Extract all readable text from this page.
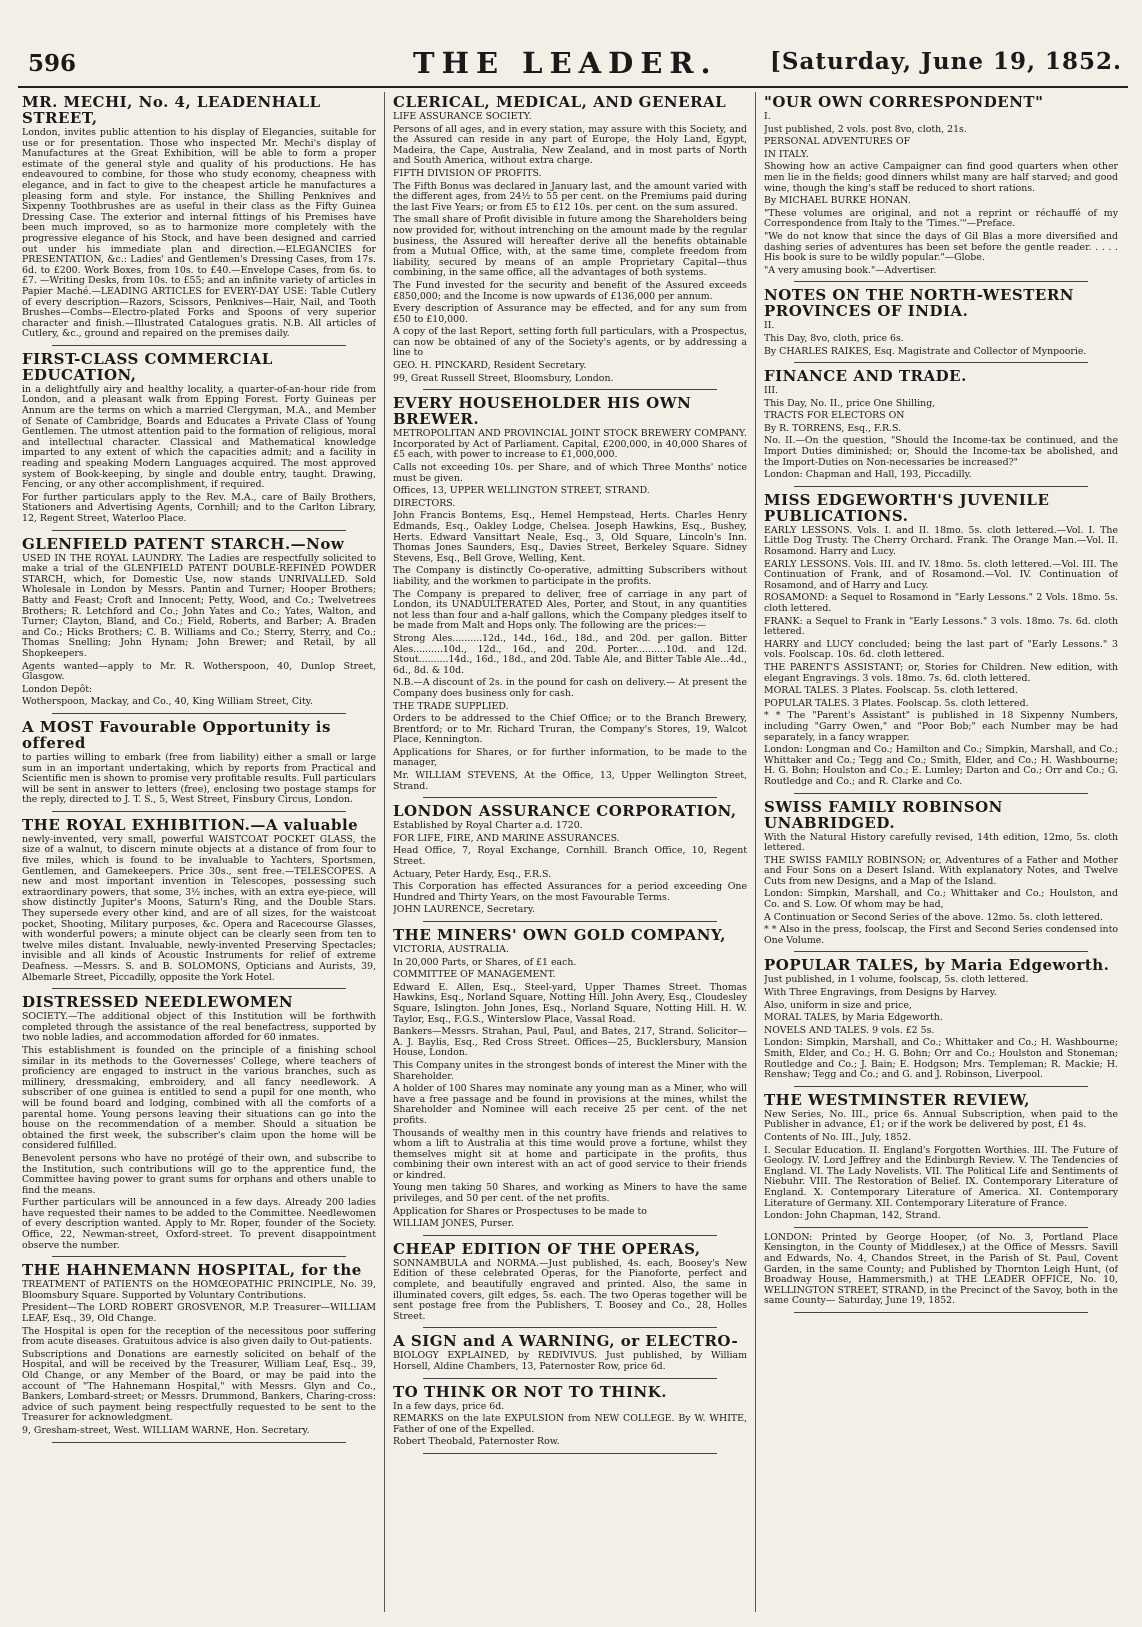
596	THE LEADER. [Saturday, June 19, 1852.
MR. MECHI, No. 4, LEADENHALL STREET,

London, invites public attention to his display of Elegancies, suitable for use or for presentation. Those who inspected Mr. Mechi's display of Manufactures at the Great Exhibition, will be able to form a proper estimate of the general style and quality of his productions. He has endeavoured to combine, for those who study economy, cheapness with elegance, and in fact to give to the cheapest article he manufactures a pleasing form and style. For instance, the Shilling Penknives and Sixpenny Toothbrushes are as useful in their class as the Fifty Guinea Dressing Case. The exterior and internal fittings of his Premises have been much improved, so as to harmonize more completely with the progressive elegance of his Stock, and have been designed and carried out under his immediate plan and direction.—ELEGANCIES for PRESENTATION, &c.: Ladies' and Gentlemen's Dressing Cases, from 17s. 6d. to £200. Work Boxes, from 10s. to £40.—Envelope Cases, from 6s. to £7. —Writing Desks, from 10s. to £55; and an infinite variety of articles in Papier Maché.—LEADING ARTICLES for EVERY-DAY USE: Table Cutlery of every description—Razors, Scissors, Penknives—Hair, Nail, and Tooth Brushes—Combs—Electro-plated Forks and Spoons of very superior character and finish.—Illustrated Catalogues gratis. N.B. All articles of Cutlery, &c., ground and repaired on the premises daily.

FIRST-CLASS COMMERCIAL EDUCATION,

in a delightfully airy and healthy locality, a quarter-of-an-hour ride from London, and a pleasant walk from Epping Forest. Forty Guineas per Annum are the terms on which a married Clergyman, M.A., and Member of Senate of Cambridge, Boards and Educates a Private Class of Young Gentlemen. The utmost attention paid to the formation of religious, moral and intellectual character. Classical and Mathematical knowledge imparted to any extent of which the capacities admit; and a facility in reading and speaking Modern Languages acquired. The most approved system of Book-keeping, by single and double entry, taught. Drawing, Fencing, or any other accomplishment, if required.

For further particulars apply to the Rev. M.A., care of Baily Brothers, Stationers and Advertising Agents, Cornhill; and to the Carlton Library, 12, Regent Street, Waterloo Place.

GLENFIELD PATENT STARCH.—Now

USED IN THE ROYAL LAUNDRY. The Ladies are respectfully solicited to make a trial of the GLENFIELD PATENT DOUBLE-REFINED POWDER STARCH, which, for Domestic Use, now stands UNRIVALLED. Sold Wholesale in London by Messrs. Pantin and Turner; Hooper Brothers; Batty and Feast; Croft and Innocent; Petty, Wood, and Co.; Twelvetrees Brothers; R. Letchford and Co.; John Yates and Co.; Yates, Walton, and Turner; Clayton, Bland, and Co.; Field, Roberts, and Barber; A. Braden and Co.; Hicks Brothers; C. B. Williams and Co.; Sterry, Sterry, and Co.; Thomas Snelling; John Hynam; John Brewer; and Retail, by all Shopkeepers.

Agents wanted—apply to Mr. R. Wotherspoon, 40, Dunlop Street, Glasgow.

London Depôt:

Wotherspoon, Mackay, and Co., 40, King William Street, City.

A MOST Favourable Opportunity is offered

to parties willing to embark (free from liability) either a small or large sum in an important undertaking, which by reports from Practical and Scientific men is shown to promise very profitable results. Full particulars will be sent in answer to letters (free), enclosing two postage stamps for the reply, directed to J. T. S., 5, West Street, Finsbury Circus, London.

THE ROYAL EXHIBITION.—A valuable

newly-invented, very small, powerful WAISTCOAT POCKET GLASS, the size of a walnut, to discern minute objects at a distance of from four to five miles, which is found to be invaluable to Yachters, Sportsmen, Gentlemen, and Gamekeepers. Price 30s., sent free.—TELESCOPES. A new and most important invention in Telescopes, possessing such extraordinary powers, that some, 3½ inches, with an extra eye-piece, will show distinctly Jupiter's Moons, Saturn's Ring, and the Double Stars. They supersede every other kind, and are of all sizes, for the waistcoat pocket, Shooting, Military purposes, &c. Opera and Racecourse Glasses, with wonderful powers; a minute object can be clearly seen from ten to twelve miles distant. Invaluable, newly-invented Preserving Spectacles; invisible and all kinds of Acoustic Instruments for relief of extreme Deafness. —Messrs. S. and B. SOLOMONS, Opticians and Aurists, 39, Albemarle Street, Piccadilly, opposite the York Hotel.

DISTRESSED NEEDLEWOMEN

SOCIETY.—The additional object of this Institution will be forthwith completed through the assistance of the real benefactress, supported by two noble ladies, and accommodation afforded for 60 inmates.

This establishment is founded on the principle of a finishing school similar in its methods to the Governesses' College, where teachers of proficiency are engaged to instruct in the various branches, such as millinery, dressmaking, embroidery, and all fancy needlework. A subscriber of one guinea is entitled to send a pupil for one month, who will be found board and lodging, combined with all the comforts of a parental home. Young persons leaving their situations can go into the house on the recommendation of a member. Should a situation be obtained the first week, the subscriber's claim upon the home will be considered fulfilled.

Benevolent persons who have no protégé of their own, and subscribe to the Institution, such contributions will go to the apprentice fund, the Committee having power to grant sums for orphans and others unable to find the means.

Further particulars will be announced in a few days. Already 200 ladies have requested their names to be added to the Committee. Needlewomen of every description wanted. Apply to Mr. Roper, founder of the Society. Office, 22, Newman-street, Oxford-street. To prevent disappointment observe the number.

THE HAHNEMANN HOSPITAL, for the

TREATMENT of PATIENTS on the HOMŒOPATHIC PRINCIPLE, No. 39, Bloomsbury Square. Supported by Voluntary Contributions.

President—The LORD ROBERT GROSVENOR, M.P. Treasurer—WILLIAM LEAF, Esq., 39, Old Change.

The Hospital is open for the reception of the necessitous poor suffering from acute diseases. Gratuitous advice is also given daily to Out-patients.

Subscriptions and Donations are earnestly solicited on behalf of the Hospital, and will be received by the Treasurer, William Leaf, Esq., 39, Old Change, or any Member of the Board, or may be paid into the account of "The Hahnemann Hospital," with Messrs. Glyn and Co., Bankers, Lombard-street; or Messrs. Drummond, Bankers, Charing-cross: advice of such payment being respectfully requested to be sent to the Treasurer for acknowledgment.

9, Gresham-street, West. WILLIAM WARNE, Hon. Secretary.

CLERICAL, MEDICAL, AND GENERAL

LIFE ASSURANCE SOCIETY.

Persons of all ages, and in every station, may assure with this Society, and the Assured can reside in any part of Europe, the Holy Land, Egypt, Madeira, the Cape, Australia, New Zealand, and in most parts of North and South America, without extra charge.

FIFTH DIVISION OF PROFITS.

The Fifth Bonus was declared in January last, and the amount varied with the different ages, from 24½ to 55 per cent. on the Premiums paid during the last Five Years; or from £5 to £12 10s. per cent. on the sum assured.

The small share of Profit divisible in future among the Shareholders being now provided for, without intrenching on the amount made by the regular business, the Assured will hereafter derive all the benefits obtainable from a Mutual Office, with, at the same time, complete freedom from liability, secured by means of an ample Proprietary Capital—thus combining, in the same office, all the advantages of both systems.

The Fund invested for the security and benefit of the Assured exceeds £850,000; and the Income is now upwards of £136,000 per annum.

Every description of Assurance may be effected, and for any sum from £50 to £10,000.

A copy of the last Report, setting forth full particulars, with a Prospectus, can now be obtained of any of the Society's agents, or by addressing a line to

GEO. H. PINCKARD, Resident Secretary.

99, Great Russell Street, Bloomsbury, London.

EVERY HOUSEHOLDER HIS OWN BREWER.

METROPOLITAN AND PROVINCIAL JOINT STOCK BREWERY COMPANY. Incorporated by Act of Parliament. Capital, £200,000, in 40,000 Shares of £5 each, with power to increase to £1,000,000.

Calls not exceeding 10s. per Share, and of which Three Months' notice must be given.

Offices, 13, UPPER WELLINGTON STREET, STRAND.

DIRECTORS.

John Francis Bontems, Esq., Hemel Hempstead, Herts. Charles Henry Edmands, Esq., Oakley Lodge, Chelsea. Joseph Hawkins, Esq., Bushey, Herts. Edward Vansittart Neale, Esq., 3, Old Square, Lincoln's Inn. Thomas Jones Saunders, Esq., Davies Street, Berkeley Square. Sidney Stevens, Esq., Bell Grove, Welling, Kent.

The Company is distinctly Co-operative, admitting Subscribers without liability, and the workmen to participate in the profits.

The Company is prepared to deliver, free of carriage in any part of London, its UNADULTERATED Ales, Porter, and Stout, in any quantities not less than four and a-half gallons, which the Company pledges itself to be made from Malt and Hops only. The following are the prices:—

Strong Ales..........12d., 14d., 16d., 18d., and 20d. per gallon. Bitter Ales..........10d., 12d., 16d., and 20d. Porter..........10d. and 12d. Stout..........14d., 16d., 18d., and 20d. Table Ale, and Bitter Table Ale...4d., 6d., 8d. & 10d.

N.B.—A discount of 2s. in the pound for cash on delivery.— At present the Company does business only for cash.

THE TRADE SUPPLIED.

Orders to be addressed to the Chief Office; or to the Branch Brewery, Brentford; or to Mr. Richard Truran, the Company's Stores, 19, Walcot Place, Kennington.

Applications for Shares, or for further information, to be made to the manager,

Mr. WILLIAM STEVENS, At the Office, 13, Upper Wellington Street, Strand.

LONDON ASSURANCE CORPORATION,

Established by Royal Charter a.d. 1720.

FOR LIFE, FIRE, AND MARINE ASSURANCES.

Head Office, 7, Royal Exchange, Cornhill. Branch Office, 10, Regent Street.

Actuary, Peter Hardy, Esq., F.R.S.

This Corporation has effected Assurances for a period exceeding One Hundred and Thirty Years, on the most Favourable Terms.

JOHN LAURENCE, Secretary.

THE MINERS' OWN GOLD COMPANY,

VICTORIA, AUSTRALIA.

In 20,000 Parts, or Shares, of £1 each.

COMMITTEE OF MANAGEMENT.

Edward E. Allen, Esq., Steel-yard, Upper Thames Street. Thomas Hawkins, Esq., Norland Square, Notting Hill. John Avery, Esq., Cloudesley Square, Islington. John Jones, Esq., Norland Square, Notting Hill. H. W. Taylor, Esq., F.G.S., Winterslow Place, Vassal Road.

Bankers—Messrs. Strahan, Paul, Paul, and Bates, 217, Strand. Solicitor—A. J. Baylis, Esq., Red Cross Street. Offices—25, Bucklersbury, Mansion House, London.

This Company unites in the strongest bonds of interest the Miner with the Shareholder.

A holder of 100 Shares may nominate any young man as a Miner, who will have a free passage and be found in provisions at the mines, whilst the Shareholder and Nominee will each receive 25 per cent. of the net profits.

Thousands of wealthy men in this country have friends and relatives to whom a lift to Australia at this time would prove a fortune, whilst they themselves might sit at home and participate in the profits, thus combining their own interest with an act of good service to their friends or kindred.

Young men taking 50 Shares, and working as Miners to have the same privileges, and 50 per cent. of the net profits.

Application for Shares or Prospectuses to be made to

WILLIAM JONES, Purser.

CHEAP EDITION OF THE OPERAS,

SONNAMBULA and NORMA.—Just published, 4s. each, Boosey's New Edition of these celebrated Operas, for the Pianoforte, perfect and complete, and beautifully engraved and printed. Also, the same in illuminated covers, gilt edges, 5s. each. The two Operas together will be sent postage free from the Publishers, T. Boosey and Co., 28, Holles Street.

A SIGN and A WARNING, or ELECTRO-

BIOLOGY EXPLAINED, by REDIVIVUS. Just published, by William Horsell, Aldine Chambers, 13, Paternoster Row, price 6d.

TO THINK OR NOT TO THINK.

In a few days, price 6d.

REMARKS on the late EXPULSION from NEW COLLEGE. By W. WHITE, Father of one of the Expelled.

Robert Theobald, Paternoster Row.

"OUR OWN CORRESPONDENT"

I.

Just published, 2 vols. post 8vo, cloth, 21s.

PERSONAL ADVENTURES OF

IN ITALY.

Showing how an active Campaigner can find good quarters when other men lie in the fields; good dinners whilst many are half starved; and good wine, though the king's staff be reduced to short rations.

By MICHAEL BURKE HONAN.

"These volumes are original, and not a reprint or réchauffé of my Correspondence from Italy to the 'Times.'"—Preface.

"We do not know that since the days of Gil Blas a more diversified and dashing series of adventures has been set before the gentle reader. . . . . His book is sure to be wildly popular."—Globe.

"A very amusing book."—Advertiser.

NOTES ON THE NORTH-WESTERN PROVINCES OF INDIA.

II.

This Day, 8vo, cloth, price 6s.

By CHARLES RAIKES, Esq. Magistrate and Collector of Mynpoorie.

FINANCE AND TRADE.

III.

This Day, No. II., price One Shilling,

TRACTS FOR ELECTORS ON

By R. TORRENS, Esq., F.R.S.

No. II.—On the question, "Should the Income-tax be continued, and the Import Duties diminished; or, Should the Income-tax be abolished, and the Import-Duties on Non-necessaries be increased?"

London: Chapman and Hall, 193, Piccadilly.

MISS EDGEWORTH'S JUVENILE PUBLICATIONS.

EARLY LESSONS. Vols. I. and II. 18mo. 5s. cloth lettered.—Vol. I. The Little Dog Trusty. The Cherry Orchard. Frank. The Orange Man.—Vol. II. Rosamond. Harry and Lucy.

EARLY LESSONS. Vols. III. and IV. 18mo. 5s. cloth lettered.—Vol. III. The Continuation of Frank, and of Rosamond.—Vol. IV. Continuation of Rosamond, and of Harry and Lucy.

ROSAMOND: a Sequel to Rosamond in "Early Lessons." 2 Vols. 18mo. 5s. cloth lettered.

FRANK: a Sequel to Frank in "Early Lessons." 3 vols. 18mo. 7s. 6d. cloth lettered.

HARRY and LUCY concluded; being the last part of "Early Lessons." 3 vols. Foolscap. 10s. 6d. cloth lettered.

THE PARENT'S ASSISTANT; or, Stories for Children. New edition, with elegant Engravings. 3 vols. 18mo. 7s. 6d. cloth lettered.

MORAL TALES. 3 Plates. Foolscap. 5s. cloth lettered.

POPULAR TALES. 3 Plates. Foolscap. 5s. cloth lettered.

* * The "Parent's Assistant" is published in 18 Sixpenny Numbers, including "Garry Owen," and "Poor Bob;" each Number may be had separately, in a fancy wrapper.

London: Longman and Co.; Hamilton and Co.; Simpkin, Marshall, and Co.; Whittaker and Co.; Tegg and Co.; Smith, Elder, and Co.; H. Washbourne; H. G. Bohn; Houlston and Co.; E. Lumley; Darton and Co.; Orr and Co.; G. Routledge and Co.; and R. Clarke and Co.

SWISS FAMILY ROBINSON UNABRIDGED.

With the Natural History carefully revised, 14th edition, 12mo, 5s. cloth lettered.

THE SWISS FAMILY ROBINSON; or, Adventures of a Father and Mother and Four Sons on a Desert Island. With explanatory Notes, and Twelve Cuts from new Designs, and a Map of the Island.

London: Simpkin, Marshall, and Co.; Whittaker and Co.; Houlston, and Co. and S. Low. Of whom may be had,

A Continuation or Second Series of the above. 12mo. 5s. cloth lettered.

* * Also in the press, foolscap, the First and Second Series condensed into One Volume.

POPULAR TALES, by Maria Edgeworth.

Just published, in 1 volume, foolscap, 5s. cloth lettered.

With Three Engravings, from Designs by Harvey.

Also, uniform in size and price,

MORAL TALES, by Maria Edgeworth.

NOVELS AND TALES. 9 vols. £2 5s.

London: Simpkin, Marshall, and Co.; Whittaker and Co.; H. Washbourne; Smith, Elder, and Co.; H. G. Bohn; Orr and Co.; Houlston and Stoneman; Routledge and Co.; J. Bain; E. Hodgson; Mrs. Templeman; R. Mackie; H. Renshaw; Tegg and Co.; and G. and J. Robinson, Liverpool.

THE WESTMINSTER REVIEW,

New Series, No. III., price 6s. Annual Subscription, when paid to the Publisher in advance, £1; or if the work be delivered by post, £1 4s.

Contents of No. III., July, 1852.

I. Secular Education. II. England's Forgotten Worthies. III. The Future of Geology. IV. Lord Jeffrey and the Edinburgh Review. V. The Tendencies of England. VI. The Lady Novelists. VII. The Political Life and Sentiments of Niebuhr. VIII. The Restoration of Belief. IX. Contemporary Literature of England. X. Contemporary Literature of America. XI. Contemporary Literature of Germany. XII. Contemporary Literature of France.

London: John Chapman, 142, Strand.

LONDON: Printed by George Hooper, (of No. 3, Portland Place Kensington, in the County of Middlesex,) at the Office of Messrs. Savill and Edwards, No. 4, Chandos Street, in the Parish of St. Paul, Covent Garden, in the same County; and Published by Thornton Leigh Hunt, (of Broadway House, Hammersmith,) at THE LEADER OFFICE, No. 10, WELLINGTON STREET, STRAND, in the Precinct of the Savoy, both in the same County— Saturday, June 19, 1852.
